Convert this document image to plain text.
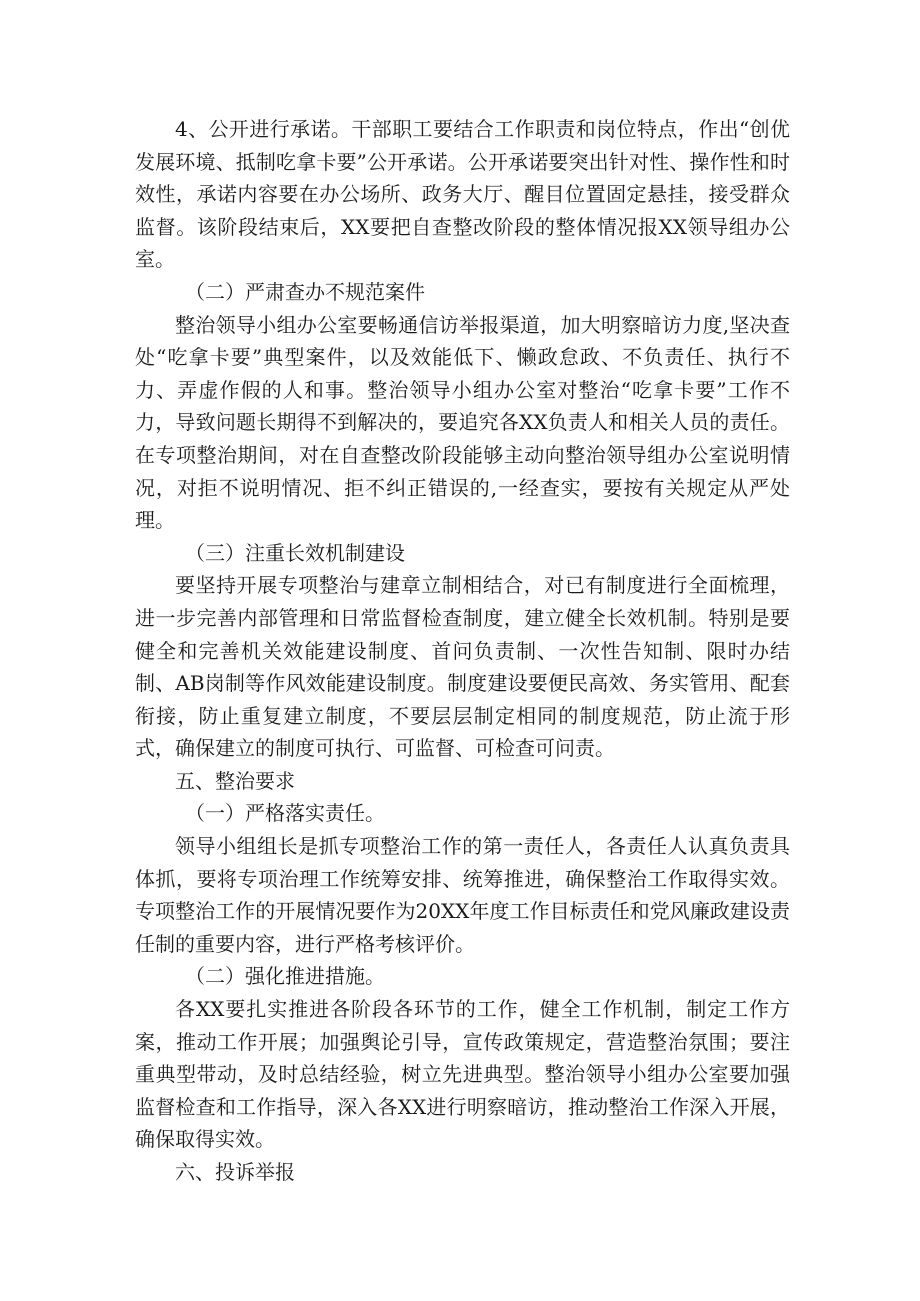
4、公开进行承诺。干部职工要结合工作职责和岗位特点，作出“创优发展环境、抵制吃拿卡要”公开承诺。公开承诺要突出针对性、操作性和时效性，承诺内容要在办公场所、政务大厅、醒目位置固定悬挂，接受群众监督。该阶段结束后，XX要把自查整改阶段的整体情况报XX领导组办公室。

（二）严肃查办不规范案件

整治领导小组办公室要畅通信访举报渠道，加大明察暗访力度,坚决查处“吃拿卡要”典型案件，以及效能低下、懒政怠政、不负责任、执行不力、弄虚作假的人和事。整治领导小组办公室对整治“吃拿卡要”工作不力，导致问题长期得不到解决的，要追究各XX负责人和相关人员的责任。在专项整治期间，对在自查整改阶段能够主动向整治领导组办公室说明情况，对拒不说明情况、拒不纠正错误的,一经查实，要按有关规定从严处理。

（三）注重长效机制建设

要坚持开展专项整治与建章立制相结合，对已有制度进行全面梳理，进一步完善内部管理和日常监督检查制度，建立健全长效机制。特别是要健全和完善机关效能建设制度、首问负责制、一次性告知制、限时办结制、AB岗制等作风效能建设制度。制度建设要便民高效、务实管用、配套衔接，防止重复建立制度，不要层层制定相同的制度规范，防止流于形式，确保建立的制度可执行、可监督、可检查可问责。

五、整治要求

（一）严格落实责任。

领导小组组长是抓专项整治工作的第一责任人，各责任人认真负责具体抓，要将专项治理工作统筹安排、统筹推进，确保整治工作取得实效。专项整治工作的开展情况要作为20XX年度工作目标责任和党风廉政建设责任制的重要内容，进行严格考核评价。

（二）强化推进措施。

各XX要扎实推进各阶段各环节的工作，健全工作机制，制定工作方案，推动工作开展；加强舆论引导，宣传政策规定，营造整治氛围；要注重典型带动，及时总结经验，树立先进典型。整治领导小组办公室要加强监督检查和工作指导，深入各XX进行明察暗访，推动整治工作深入开展，确保取得实效。

六、投诉举报
